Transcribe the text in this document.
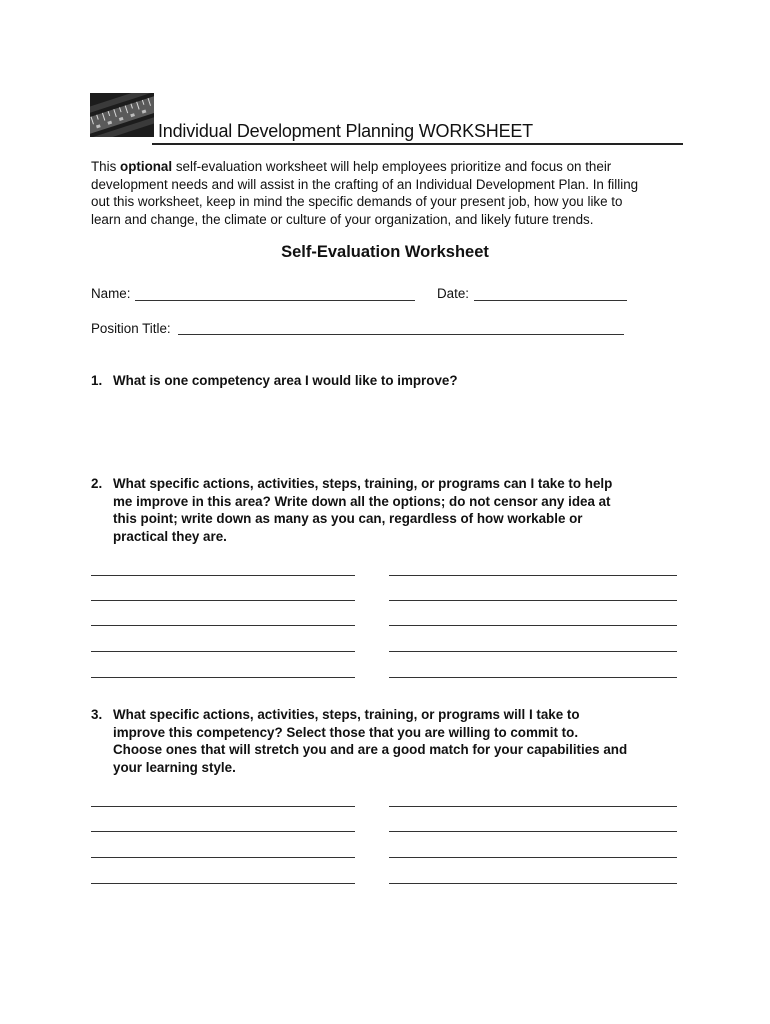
Individual Development Planning WORKSHEET
This optional self-evaluation worksheet will help employees prioritize and focus on their
development needs and will assist in the crafting of an Individual Development Plan. In filling
out this worksheet, keep in mind the specific demands of your present job, how you like to
learn and change, the climate or culture of your organization, and likely future trends.
Self-Evaluation Worksheet
Name:	Date:
Position Title:
1. What is one competency area I would like to improve?
2. What specific actions, activities, steps, training, or programs can I take to help
me improve in this area? Write down all the options; do not censor any idea at
this point; write down as many as you can, regardless of how workable or
practical they are.
3. What specific actions, activities, steps, training, or programs will I take to
improve this competency? Select those that you are willing to commit to.
Choose ones that will stretch you and are a good match for your capabilities and
your learning style.
